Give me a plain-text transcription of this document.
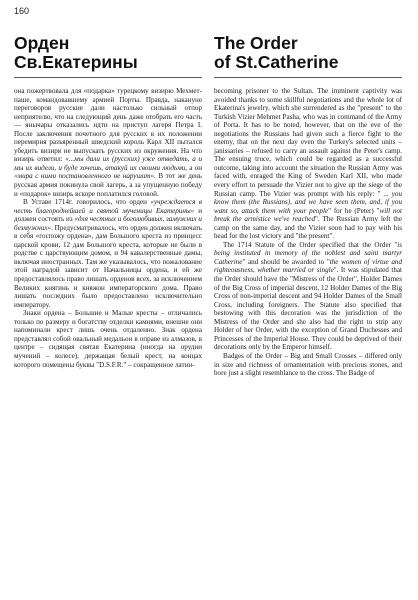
160
Орден
Св.Екатерины

она пожертвовала для «подарка» турецкому визирю Мехмет-паше, командовавшему армией Порты. Правда, накануне переговоров русские дали настолько сильный отпор неприятелю, что на следующий день даже отобрать его часть — янычары отказались идти на приступ лагеря Петра I. После заключения почетного для русских в их положении перемирия разъяренный шведский король Карл XII пытался убедить визиря не выпускать русских из окружения. На что визирь ответил: «...мы дали их (русских) уже отведать, а и мы их видели, и буде хочешь, атакуй их своими людьми, а он «мира с ними постановленного не нарушит». В тот же день русская армия покинула свой лагерь, а за упущенную победу и «подарок» визирь вскоре поплатился головой.

В Уставе 1714г. говорилось, что орден «учреждается в честь благороднейшей и святой мученицы Екатерины» и должен состоять из «для честных и боголюбивых, замужних и безмужних». Предусматривалось, что орден должен включать в себя «госпожу ордена», дам Большого креста из принцесс царской крови, 12 дам Большого креста, которые не были в родстве с царствующим домом, и 94 кавалерственные дамы, включая иностранных. Там же указывалось, что пожалование этой наградой зависит от Начальницы ордена, и ей же предоставлялось право лишать орденов всех, за исключением Великих княгинь и княжон императорского дома. Право лишать последних было предоставлено исключительно императору.

Знаки ордена – Большие и Малые кресты – отличались только по размеру и богатству отделки камнями, внешне они напоминали крест лишь очень отдаленно. Знак ордена представлял собой овальный медальон в оправе из алмазов, в центре – сидящая святая Екатерина (иногда на орудии мучений – колесе), держащая белый крест, на концах которого помещены буквы "D.S.F.R." – сокращенное латин-

The Order
of St.Catherine

becoming prisoner to the Sultan. The imminent captivity was avoided thanks to some skillful negotiations and the whole lot of Ekaterina's jewelry, which she surrendered as the "present" to the Turkish Vizier Mehmet Pasha, who was in command of the Army of Porta. It has to be noted, however, that on the eve of the negotiations the Russians had given such a fierce fight to the enemy, that on the next day even the Turkey's selected units – janissaries – refused to carry an assault against the Peter's camp. The ensuing truce, which could be regarded as a successful outcome, taking into account the situation the Russian Army was faced with, enraged the King of Sweden Karl XII, who made every effort to persuade the Vizier not to give up the siege of the Russian camp. The Vizier was prompt with his reply: " ... you know them (the Russians), and we have seen them, and, if you want so, attack them with your people" for he (Peter) "will not break the armistice we've reached". The Russian Army left the camp on the same day, and the Vizier soon had to pay with his head for the lost victory and "the present".

The 1714 Statute of the Order specified that the Order "is being instituted in memory of the noblest and saint martyr Catherine" and should be awarded to "the women of virtue and righteousness, whether married or single". It was stipulated that the Order should have the "Mistress of the Order", Holder Dames of the Big Cross of imperial descent, 12 Holder Dames of the Big Cross of non-imperial descent and 94 Holder Dames of the Small Cross, including foreigners. The Statute also specified that bestowing with this decoration was the jurisdiction of the Mistress of the Order and she also had the right to strip any Holder of her Order, with the exception of Grand Duchesses and Princesses of the Imperial House. They could be deprived of their decorations only by the Emperor himself.

Badges of the Order – Big and Small Crosses – differed only in size and richness of ornamentation with precious stones, and bore just a slight resemblance to the cross. The Badge of
